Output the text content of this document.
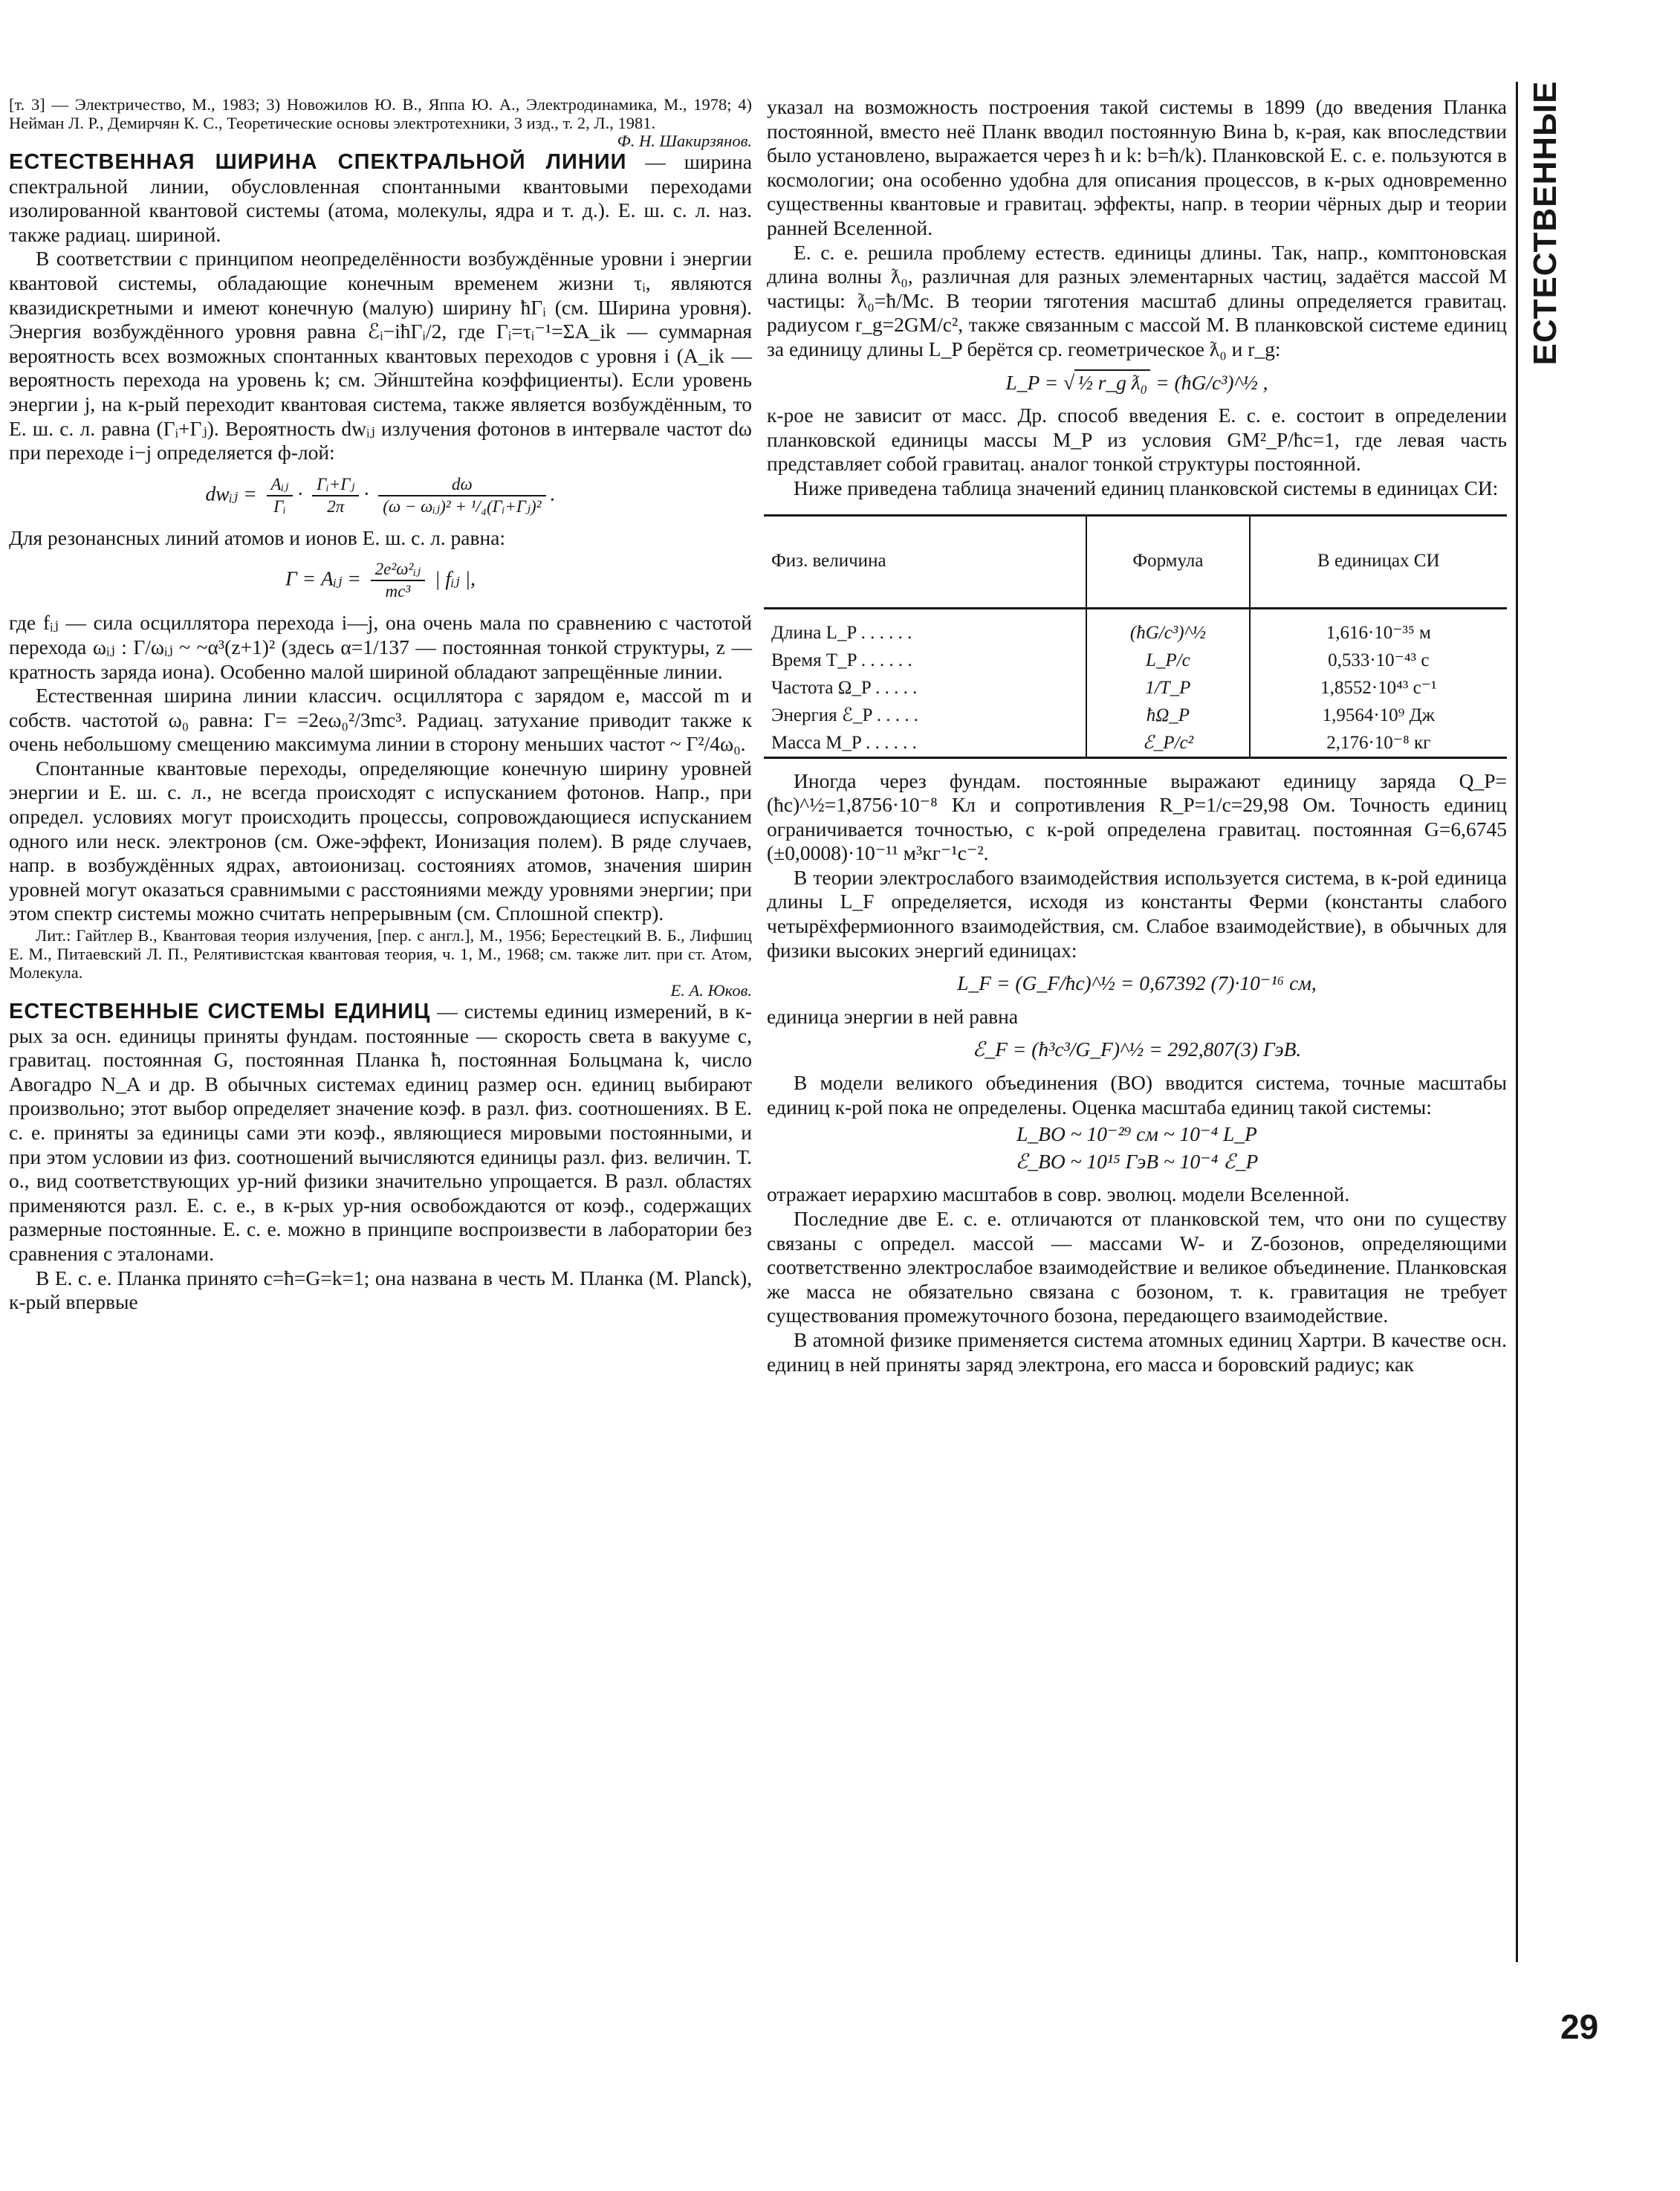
ЕСТЕСТВЕННЫЕ
29

[т. 3] — Электричество, М., 1983; 3) Новожилов Ю. В., Яппа Ю. А., Электродинамика, М., 1978; 4) Нейман Л. Р., Демирчян К. С., Теоретические основы электротехники, 3 изд., т. 2, Л., 1981.

Ф. Н. Шакирзянов.

ЕСТЕСТВЕННАЯ ШИРИНА СПЕКТРАЛЬНОЙ ЛИНИИ — ширина спектральной линии, обусловленная спонтанными квантовыми переходами изолированной квантовой системы (атома, молекулы, ядра и т. д.). Е. ш. с. л. наз. также радиац. шириной.

В соответствии с принципом неопределённости возбуждённые уровни i энергии квантовой системы, обладающие конечным временем жизни τᵢ, являются квазидискретными и имеют конечную (малую) ширину ħΓᵢ (см. Ширина уровня). Энергия возбуждённого уровня равна ℰᵢ−iħΓᵢ/2, где Γᵢ=τᵢ⁻¹=ΣA_ik — суммарная вероятность всех возможных спонтанных квантовых переходов с уровня i (A_ik — вероятность перехода на уровень k; см. Эйнштейна коэффициенты). Если уровень энергии j, на к-рый переходит квантовая система, также является возбуждённым, то Е. ш. с. л. равна (Γᵢ+Γⱼ). Вероятность dwᵢⱼ излучения фотонов в интервале частот dω при переходе i−j определяется ф-лой:

dwᵢⱼ = $\frac{\text{Aᵢⱼ}}{\text{Γᵢ}} \cdot \frac{\text{Γᵢ+Γⱼ}}{2\pi} \cdot \frac{d\omega}{\text{(ω − ωᵢⱼ)² + ¹/₄(Γᵢ+Γⱼ)²}}$ .

Для резонансных линий атомов и ионов Е. ш. с. л. равна:

Γ = Aᵢⱼ = $\frac{\text{2e²ω²ᵢⱼ}}{\text{mc³}}$ | fᵢⱼ |,

где fᵢⱼ — сила осциллятора перехода i—j, она очень мала по сравнению с частотой перехода ωᵢⱼ : Γ/ωᵢⱼ ~ ~α³(z+1)² (здесь α=1/137 — постоянная тонкой структуры, z — кратность заряда иона). Особенно малой шириной обладают запрещённые линии.

Естественная ширина линии классич. осциллятора с зарядом e, массой m и собств. частотой ω₀ равна: Γ= =2eω₀²/3mc³. Радиац. затухание приводит также к очень небольшому смещению максимума линии в сторону меньших частот ~ Γ²/4ω₀.

Спонтанные квантовые переходы, определяющие конечную ширину уровней энергии и Е. ш. с. л., не всегда происходят с испусканием фотонов. Напр., при определ. условиях могут происходить процессы, сопровождающиеся испусканием одного или неск. электронов (см. Оже-эффект, Ионизация полем). В ряде случаев, напр. в возбуждённых ядрах, автоионизац. состояниях атомов, значения ширин уровней могут оказаться сравнимыми с расстояниями между уровнями энергии; при этом спектр системы можно считать непрерывным (см. Сплошной спектр).

Лит.: Гайтлер В., Квантовая теория излучения, [пер. с англ.], М., 1956; Берестецкий В. Б., Лифшиц Е. М., Питаевский Л. П., Релятивистская квантовая теория, ч. 1, М., 1968; см. также лит. при ст. Атом, Молекула.

Е. А. Юков.

ЕСТЕСТВЕННЫЕ СИСТЕМЫ ЕДИНИЦ — системы единиц измерений, в к-рых за осн. единицы приняты фундам. постоянные — скорость света в вакууме c, гравитац. постоянная G, постоянная Планка ħ, постоянная Больцмана k, число Авогадро N_A и др. В обычных системах единиц размер осн. единиц выбирают произвольно; этот выбор определяет значение коэф. в разл. физ. соотношениях. В Е. с. е. приняты за единицы сами эти коэф., являющиеся мировыми постоянными, и при этом условии из физ. соотношений вычисляются единицы разл. физ. величин. Т. о., вид соответствующих ур-ний физики значительно упрощается. В разл. областях применяются разл. Е. с. е., в к-рых ур-ния освобождаются от коэф., содержащих размерные постоянные. Е. с. е. можно в принципе воспроизвести в лаборатории без сравнения с эталонами.

В Е. с. е. Планка принято c=ħ=G=k=1; она названа в честь М. Планка (M. Planck), к-рый впервые

указал на возможность построения такой системы в 1899 (до введения Планка постоянной, вместо неё Планк вводил постоянную Вина b, к-рая, как впоследствии было установлено, выражается через ħ и k: b=ħ/k). Планковской Е. с. е. пользуются в космологии; она особенно удобна для описания процессов, в к-рых одновременно существенны квантовые и гравитац. эффекты, напр. в теории чёрных дыр и теории ранней Вселенной.

Е. с. е. решила проблему естеств. единицы длины. Так, напр., комптоновская длина волны ƛ₀, различная для разных элементарных частиц, задаётся массой M частицы: ƛ₀=ħ/Mc. В теории тяготения масштаб длины определяется гравитац. радиусом r_g=2GM/c², также связанным с массой M. В планковской системе единиц за единицу длины L_P берётся ср. геометрическое ƛ₀ и r_g:

L_P = √ ½ r_g ƛ₀ = (ħG/c³)^½ ,

к-рое не зависит от масс. Др. способ введения Е. с. е. состоит в определении планковской единицы массы M_P из условия GM²_P/ħc=1, где левая часть представляет собой гравитац. аналог тонкой структуры постоянной.

Ниже приведена таблица значений единиц планковской системы в единицах СИ:

Физ. величина	Формула	В единицах СИ
Длина L_P . . . . . .	(ħG/c³)^½	1,616·10⁻³⁵ м
Время T_P . . . . . .	L_P/c	0,533·10⁻⁴³ с
Частота Ω_P . . . . .	1/T_P	1,8552·10⁴³ с⁻¹
Энергия ℰ_P . . . . .	ħΩ_P	1,9564·10⁹ Дж
Масса M_P . . . . . .	ℰ_P/c²	2,176·10⁻⁸ кг

Иногда через фундам. постоянные выражают единицу заряда Q_P=(ħc)^½=1,8756·10⁻⁸ Кл и сопротивления R_P=1/c=29,98 Ом. Точность единиц ограничивается точностью, с к-рой определена гравитац. постоянная G=6,6745 (±0,0008)·10⁻¹¹ м³кг⁻¹с⁻².

В теории электрослабого взаимодействия используется система, в к-рой единица длины L_F определяется, исходя из константы Ферми (константы слабого четырёхфермионного взаимодействия, см. Слабое взаимодействие), в обычных для физики высоких энергий единицах:

L_F = (G_F/ħc)^½ = 0,67392 (7)·10⁻¹⁶ см,

единица энергии в ней равна

ℰ_F = (ħ³c³/G_F)^½ = 292,807(3) ГэВ.

В модели великого объединения (ВО) вводится система, точные масштабы единиц к-рой пока не определены. Оценка масштаба единиц такой системы:

L_BO ~ 10⁻²⁹ см ~ 10⁻⁴ L_P

ℰ_BO ~ 10¹⁵ ГэВ ~ 10⁻⁴ ℰ_P

отражает иерархию масштабов в совр. эволюц. модели Вселенной.

Последние две Е. с. е. отличаются от планковской тем, что они по существу связаны с определ. массой — массами W- и Z-бозонов, определяющими соответственно электрослабое взаимодействие и великое объединение. Планковская же масса не обязательно связана с бозоном, т. к. гравитация не требует существования промежуточного бозона, передающего взаимодействие.

В атомной физике применяется система атомных единиц Хартри. В качестве осн. единиц в ней приняты заряд электрона, его масса и боровский радиус; как
